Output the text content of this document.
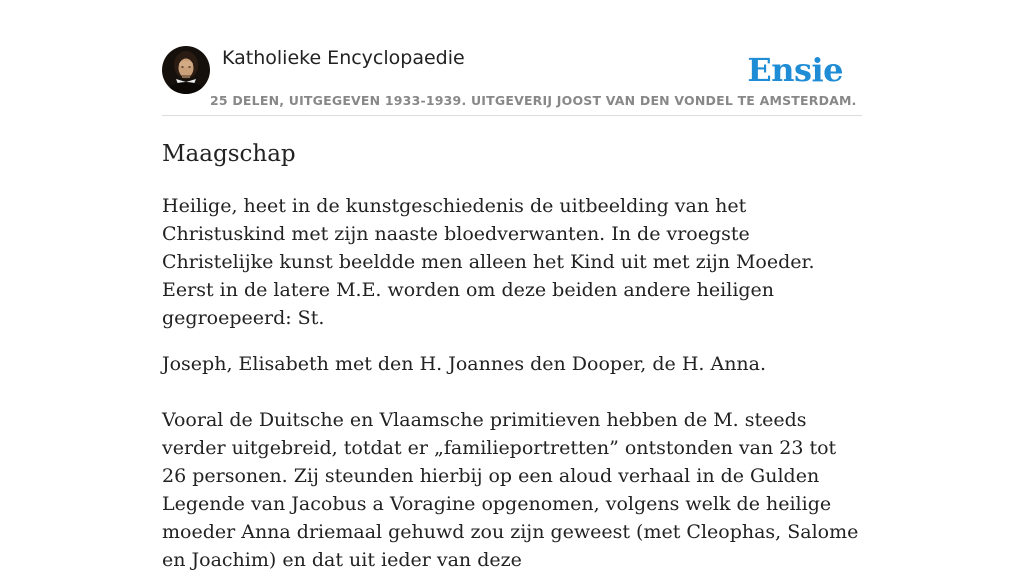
Katholieke Encyclopaedie
25 DELEN, UITGEGEVEN 1933-1939. UITGEVERIJ JOOST VAN DEN VONDEL TE AMSTERDAM.
Ensie
Maagschap

Heilige, heet in de kunstgeschiedenis de uitbeelding van het Christuskind met zijn naaste bloedverwanten. In de vroegste Christelijke kunst beeldde men alleen het Kind uit met zijn Moeder. Eerst in de latere M.E. worden om deze beiden andere heiligen gegroepeerd: St.

Joseph, Elisabeth met den H. Joannes den Dooper, de H. Anna.

Vooral de Duitsche en Vlaamsche primitieven hebben de M. steeds verder uitgebreid, totdat er „familieportretten” ontstonden van 23 tot 26 personen. Zij steunden hierbij op een aloud verhaal in de Gulden Legende van Jacobus a Voragine opgenomen, volgens welk de heilige moeder Anna driemaal gehuwd zou zijn geweest (met Cleophas, Salome en Joachim) en dat uit ieder van deze
